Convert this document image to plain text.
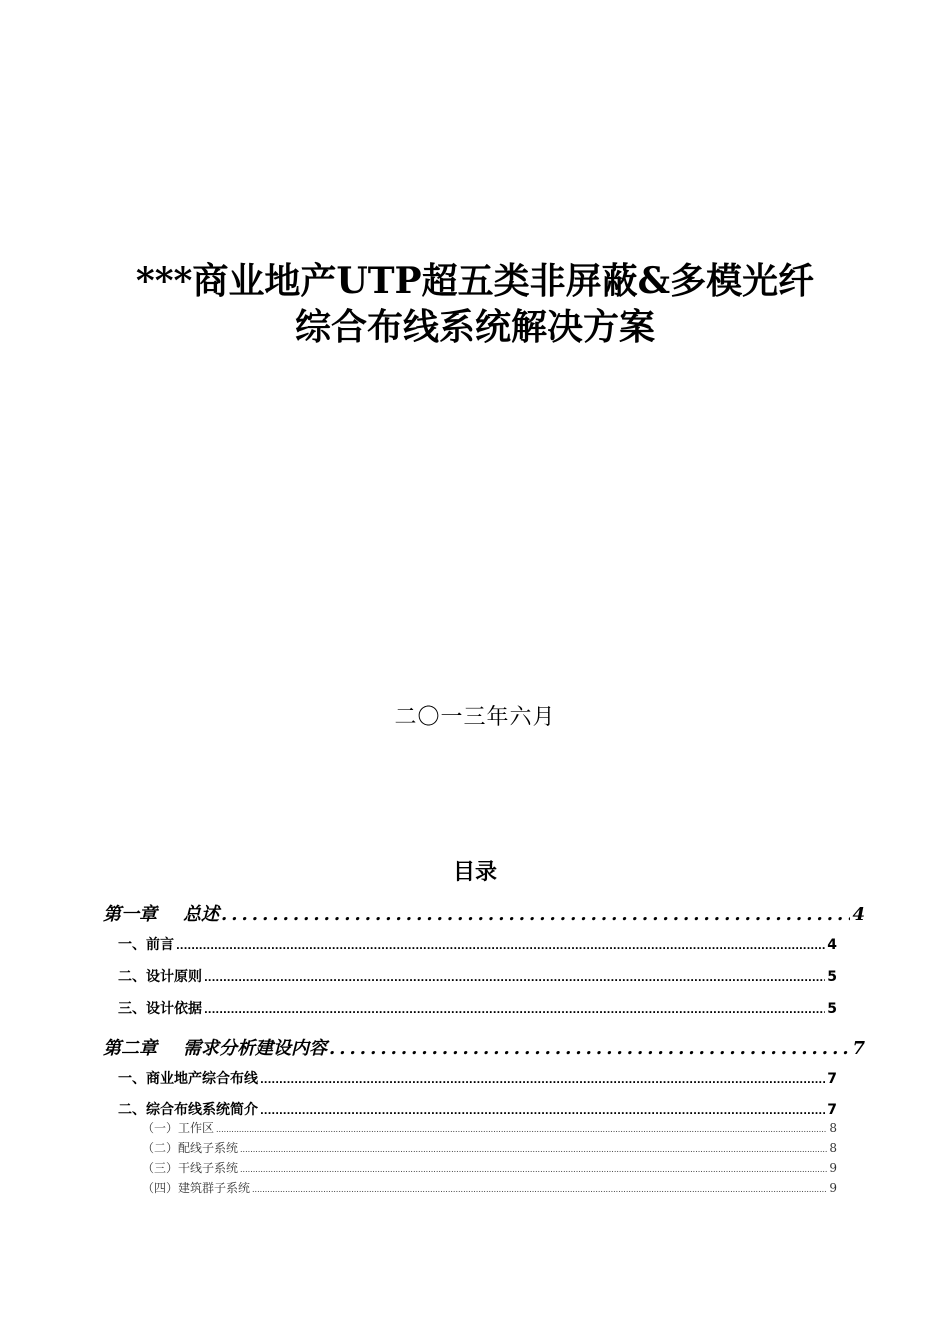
***商业地产UTP超五类非屏蔽&多模光纤
综合布线系统解决方案
二〇一三年六月
目录
第一章 总述 .....	4
一、前言 .....	4
二、设计原则 .....	5
三、设计依据 .....	5
第二章 需求分析建设内容 .....	7
一、商业地产综合布线 .....	7
二、综合布线系统简介 .....	7
（一）工作区 .....	8
（二）配线子系统 .....	8
（三）干线子系统 .....	9
（四）建筑群子系统 .....	9
